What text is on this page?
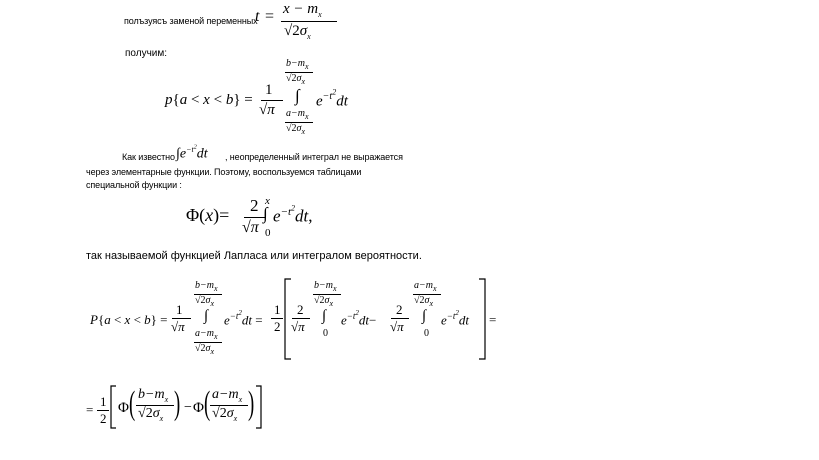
полъзуясъ заменой переменных
$t = x - m_x$
$√2\sigma_x$
получим:
p{a < x < b} =
1
√π
$b-m_x$
$√2\sigma_x$
∫
$a-m_x$
$√2\sigma_x$
$e^{-t^2}dt$
Как известно $\int e^{-t^2}dt$ , неопределенный интеграл не выражается
через элементарные функции. Поэтому, воспользуемся таблицами
специальной функции :
Φ(x)= 2
√π
x
∫
0
$e^{-t^2}dt$,
так называемой функцией Лапласа или интегралом вероятности.
P{a < x < b} =
1
√π
$b-m_x$
$√2\sigma_x$
∫
$a-m_x$
$√2\sigma_x$
$e^{-t^2}dt$ =
1
2
2
√π
$b-m_x$
$√2\sigma_x$
∫
0
$e^{-t^2}dt-$
2
√π
$a-m_x$
$√2\sigma_x$
∫
0
$e^{-t^2}dt$ =
=
1
2
Φ ( $b-m_x$
$√2\sigma_x$ ) − Φ ( $a-m_x$
$√2\sigma_x$ )
